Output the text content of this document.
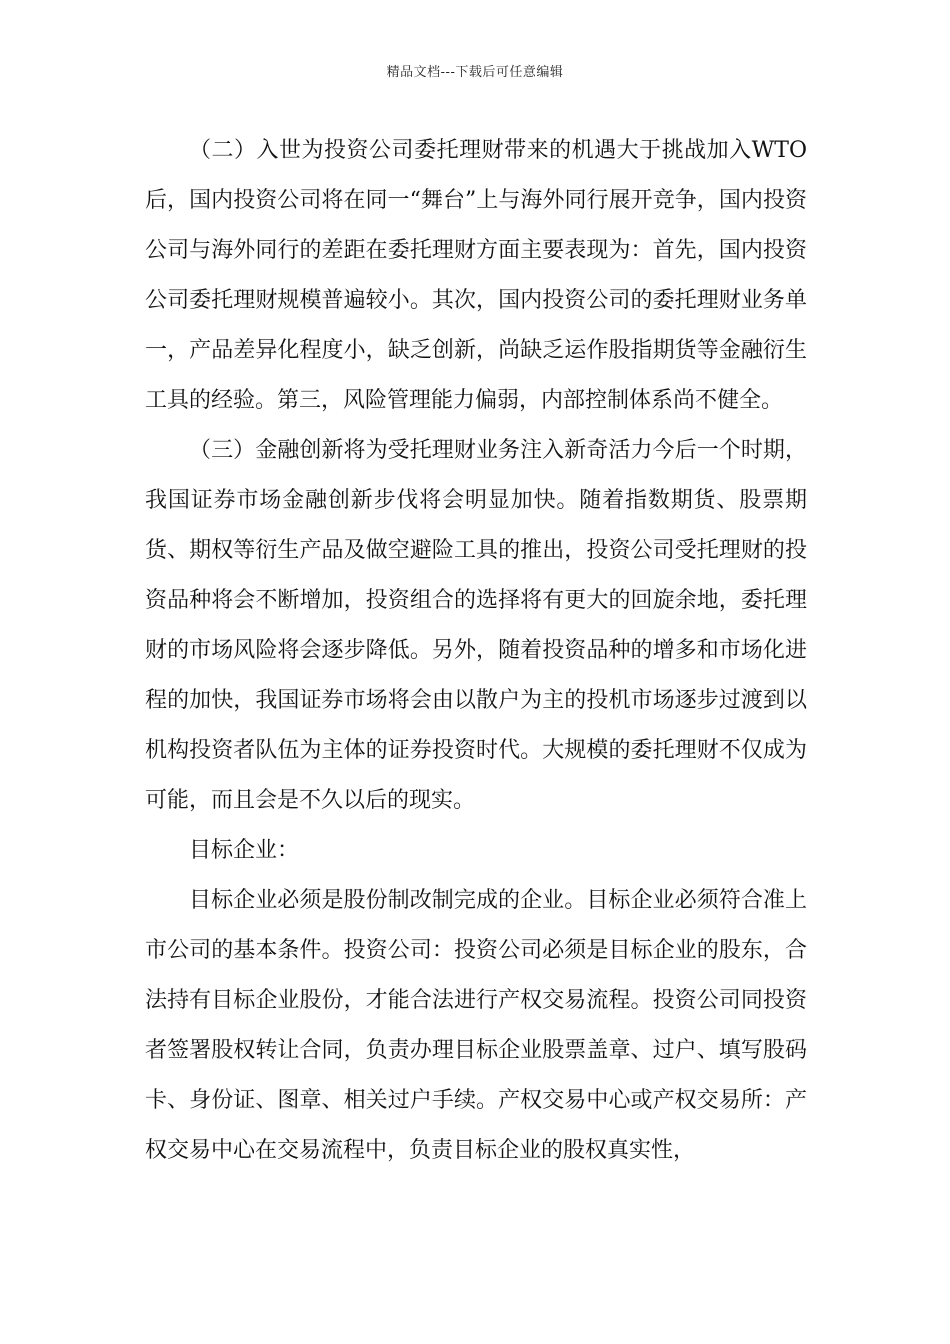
精品文档---下载后可任意编辑

（二）入世为投资公司委托理财带来的机遇大于挑战加入WTO后，国内投资公司将在同一“舞台”上与海外同行展开竞争，国内投资公司与海外同行的差距在委托理财方面主要表现为：首先，国内投资公司委托理财规模普遍较小。其次，国内投资公司的委托理财业务单一，产品差异化程度小，缺乏创新，尚缺乏运作股指期货等金融衍生工具的经验。第三，风险管理能力偏弱，内部控制体系尚不健全。

（三）金融创新将为受托理财业务注入新奇活力今后一个时期，我国证券市场金融创新步伐将会明显加快。随着指数期货、股票期货、期权等衍生产品及做空避险工具的推出，投资公司受托理财的投资品种将会不断增加，投资组合的选择将有更大的回旋余地，委托理财的市场风险将会逐步降低。另外，随着投资品种的增多和市场化进程的加快，我国证券市场将会由以散户为主的投机市场逐步过渡到以机构投资者队伍为主体的证券投资时代。大规模的委托理财不仅成为可能，而且会是不久以后的现实。

目标企业：

目标企业必须是股份制改制完成的企业。目标企业必须符合准上市公司的基本条件。投资公司：投资公司必须是目标企业的股东，合法持有目标企业股份，才能合法进行产权交易流程。投资公司同投资者签署股权转让合同，负责办理目标企业股票盖章、过户、填写股码卡、身份证、图章、相关过户手续。产权交易中心或产权交易所：产权交易中心在交易流程中，负责目标企业的股权真实性，
